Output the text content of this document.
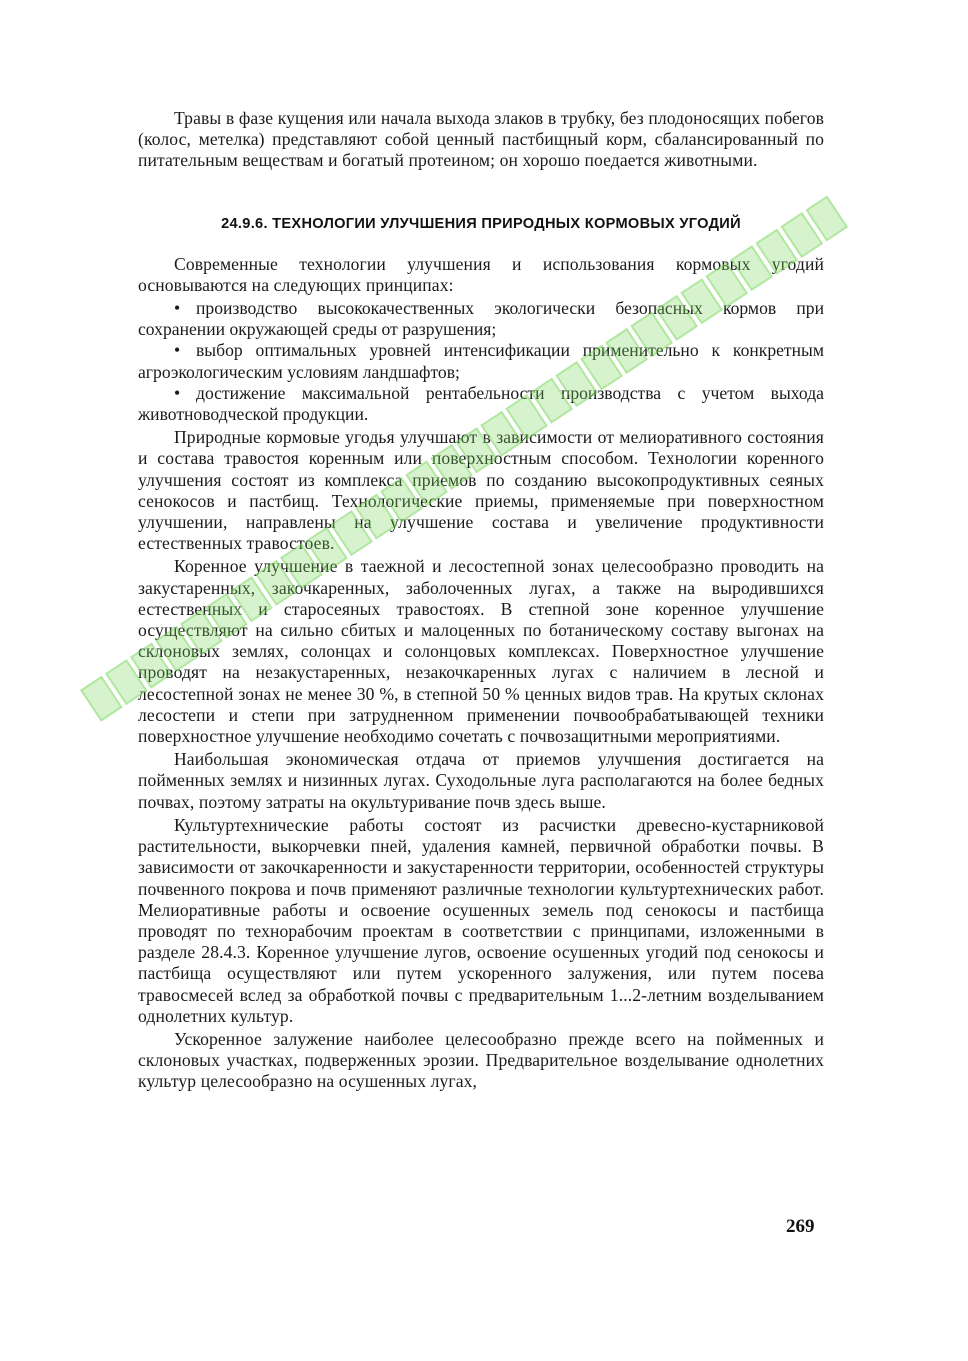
Травы в фазе кущения или начала выхода злаков в трубку, без плодоносящих побегов (колос, метелка) представляют собой ценный пастбищный корм, сбалансированный по питательным веществам и богатый протеином; он хорошо поедается животными.

24.9.6. ТЕХНОЛОГИИ УЛУЧШЕНИЯ ПРИРОДНЫХ КОРМОВЫХ УГОДИЙ

Современные технологии улучшения и использования кормовых угодий основываются на следующих принципах:

• производство высококачественных экологически безопасных кормов при сохранении окружающей среды от разрушения;

• выбор оптимальных уровней интенсификации применительно к конкретным агроэкологическим условиям ландшафтов;

• достижение максимальной рентабельности производства с учетом выхода животноводческой продукции.

Природные кормовые угодья улучшают в зависимости от мелиоративного состояния и состава травостоя коренным или поверхностным способом. Технологии коренного улучшения состоят из комплекса приемов по созданию высокопродуктивных сеяных сенокосов и пастбищ. Технологические приемы, применяемые при поверхностном улучшении, направлены на улучшение состава и увеличение продуктивности естественных травостоев.

Коренное улучшение в таежной и лесостепной зонах целесообразно проводить на закустаренных, закочкаренных, заболоченных лугах, а также на выродившихся естественных и старосеяных травостоях. В степной зоне коренное улучшение осуществляют на сильно сбитых и малоценных по ботаническому составу выгонах на склоновых землях, солонцах и солонцовых комплексах. Поверхностное улучшение проводят на незакустаренных, незакочкаренных лугах с наличием в лесной и лесостепной зонах не менее 30 %, в степной 50 % ценных видов трав. На крутых склонах лесостепи и степи при затрудненном применении почвообрабатывающей техники поверхностное улучшение необходимо сочетать с почвозащитными мероприятиями.

Наибольшая экономическая отдача от приемов улучшения достигается на пойменных землях и низинных лугах. Суходольные луга располагаются на более бедных почвах, поэтому затраты на окультуривание почв здесь выше.

Культуртехнические работы состоят из расчистки древесно-кустарниковой растительности, выкорчевки пней, удаления камней, первичной обработки почвы. В зависимости от закочкаренности и закустаренности территории, особенностей структуры почвенного покрова и почв применяют различные технологии культуртехнических работ. Мелиоративные работы и освоение осушенных земель под сенокосы и пастбища проводят по технорабочим проектам в соответствии с принципами, изложенными в разделе 28.4.3. Коренное улучшение лугов, освоение осушенных угодий под сенокосы и пастбища осуществляют или путем ускоренного залужения, или путем посева травосмесей вслед за обработкой почвы с предварительным 1...2-летним возделыванием однолетних культур.

Ускоренное залужение наиболее целесообразно прежде всего на пойменных и склоновых участках, подверженных эрозии. Предварительное возделывание однолетних культур целесообразно на осушенных лугах,

269
